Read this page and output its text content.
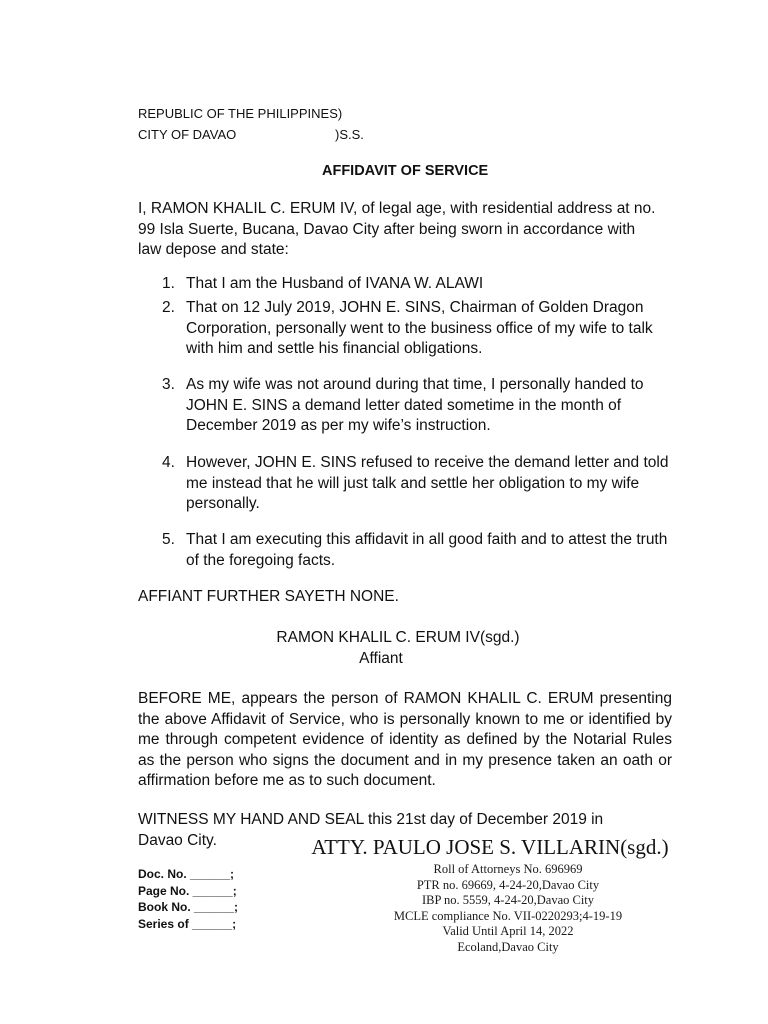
REPUBLIC OF THE PHILIPPINES)
CITY OF DAVAO	)S.S.
AFFIDAVIT OF SERVICE
I, RAMON KHALIL C. ERUM IV, of legal age, with residential address at no. 99 Isla Suerte, Bucana, Davao City after being sworn in accordance with law depose and state:
1. That I am the Husband of IVANA W. ALAWI
2. That on 12 July 2019, JOHN E. SINS, Chairman of Golden Dragon Corporation, personally went to the business office of my wife to talk with him and settle his financial obligations.
3. As my wife was not around during that time, I personally handed to JOHN E. SINS a demand letter dated sometime in the month of December 2019 as per my wife’s instruction.
4. However, JOHN E. SINS refused to receive the demand letter and told me instead that he will just talk and settle her obligation to my wife personally.
5. That I am executing this affidavit in all good faith and to attest the truth of the foregoing facts.
AFFIANT FURTHER SAYETH NONE.
RAMON KHALIL C. ERUM IV(sgd.)
Affiant
BEFORE ME, appears the person of RAMON KHALIL C. ERUM presenting the above Affidavit of Service, who is personally known to me or identified by me through competent evidence of identity as defined by the Notarial Rules as the person who signs the document and in my presence taken an oath or affirmation before me as to such document.
WITNESS MY HAND AND SEAL this 21st day of December 2019 in Davao City.
Doc. No. ______;
Page No. ______;
Book No. ______;
Series of ______;
ATTY. PAULO JOSE S. VILLARIN(sgd.)
Roll of Attorneys No. 696969
PTR no. 69669, 4-24-20,Davao City
IBP no. 5559, 4-24-20,Davao City
MCLE compliance No. VII-0220293;4-19-19
Valid Until April 14, 2022
Ecoland,Davao City
